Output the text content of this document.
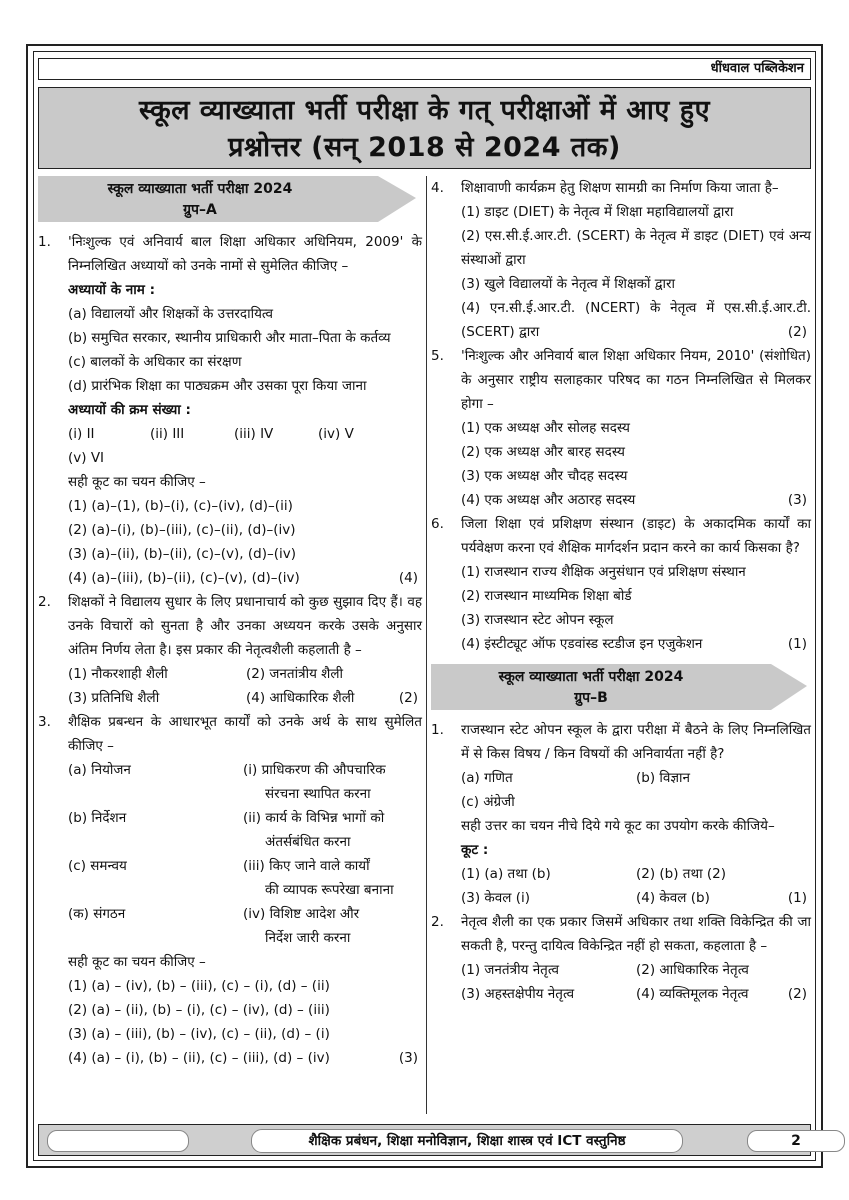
धींधवाल पब्लिकेशन
स्कूल व्याख्याता भर्ती परीक्षा के गत् परीक्षाओं में आए हुए
प्रश्नोत्तर (सन् 2018 से 2024 तक)
स्कूल व्याख्याता भर्ती परीक्षा 2024
ग्रुप–A
1.	'निःशुल्क एवं अनिवार्य बाल शिक्षा अधिकार अधिनियम, 2009' के निम्नलिखित अध्यायों को उनके नामों से सुमेलित कीजिए –
अध्यायों के नाम :
(a) विद्यालयों और शिक्षकों के उत्तरदायित्व
(b) समुचित सरकार, स्थानीय प्राधिकारी और माता–पिता के कर्तव्य
(c) बालकों के अधिकार का संरक्षण
(d) प्रारंभिक शिक्षा का पाठ्यक्रम और उसका पूरा किया जाना
अध्यायों की क्रम संख्या :
(i) II	(ii) III	(iii) IV	(iv) V
(v) VI
सही कूट का चयन कीजिए –
(1) (a)–(1), (b)–(i), (c)–(iv), (d)–(ii)
(2) (a)–(i), (b)–(iii), (c)–(ii), (d)–(iv)
(3) (a)–(ii), (b)–(ii), (c)–(v), (d)–(iv)
(4) (a)–(iii), (b)–(ii), (c)–(v), (d)–(iv)	(4)
2.	शिक्षकों ने विद्यालय सुधार के लिए प्रधानाचार्य को कुछ सुझाव दिए हैं। वह उनके विचारों को सुनता है और उनका अध्ययन करके उसके अनुसार अंतिम निर्णय लेता है। इस प्रकार की नेतृत्वशैली कहलाती है –
(1) नौकरशाही शैली	(2) जनतांत्रीय शैली
(3) प्रतिनिधि शैली	(4) आधिकारिक शैली	(2)
3.	शैक्षिक प्रबन्धन के आधारभूत कार्यों को उनके अर्थ के साथ सुमेलित कीजिए –
(a) नियोजन	(i) प्राधिकरण की औपचारिक
संरचना स्थापित करना
(b) निर्देशन	(ii) कार्य के विभिन्न भागों को
अंतर्सबंधित करना
(c) समन्वय	(iii) किए जाने वाले कार्यों
की व्यापक रूपरेखा बनाना
(क) संगठन	(iv) विशिष्ट आदेश और
निर्देश जारी करना
सही कूट का चयन कीजिए –
(1) (a) – (iv), (b) – (iii), (c) – (i), (d) – (ii)
(2) (a) – (ii), (b) – (i), (c) – (iv), (d) – (iii)
(3) (a) – (iii), (b) – (iv), (c) – (ii), (d) – (i)
(4) (a) – (i), (b) – (ii), (c) – (iii), (d) – (iv)	(3)
4.	शिक्षावाणी कार्यक्रम हेतु शिक्षण सामग्री का निर्माण किया जाता है–
(1) डाइट (DIET) के नेतृत्व में शिक्षा महाविद्यालयों द्वारा
(2) एस.सी.ई.आर.टी. (SCERT) के नेतृत्व में डाइट (DIET) एवं अन्य संस्थाओं द्वारा
(3) खुले विद्यालयों के नेतृत्व में शिक्षकों द्वारा
(4) एन.सी.ई.आर.टी. (NCERT) के नेतृत्व में एस.सी.ई.आर.टी. (SCERT) द्वारा	(2)
5.	'निःशुल्क और अनिवार्य बाल शिक्षा अधिकार नियम, 2010' (संशोधित) के अनुसार राष्ट्रीय सलाहकार परिषद का गठन निम्नलिखित से मिलकर होगा –
(1) एक अध्यक्ष और सोलह सदस्य
(2) एक अध्यक्ष और बारह सदस्य
(3) एक अध्यक्ष और चौदह सदस्य
(4) एक अध्यक्ष और अठारह सदस्य	(3)
6.	जिला शिक्षा एवं प्रशिक्षण संस्थान (डाइट) के अकादमिक कार्यों का पर्यवेक्षण करना एवं शैक्षिक मार्गदर्शन प्रदान करने का कार्य किसका है?
(1) राजस्थान राज्य शैक्षिक अनुसंधान एवं प्रशिक्षण संस्थान
(2) राजस्थान माध्यमिक शिक्षा बोर्ड
(3) राजस्थान स्टेट ओपन स्कूल
(4) इंस्टीट्यूट ऑफ एडवांस्ड स्टडीज इन एजुकेशन	(1)
स्कूल व्याख्याता भर्ती परीक्षा 2024
ग्रुप–B
1.	राजस्थान स्टेट ओपन स्कूल के द्वारा परीक्षा में बैठने के लिए निम्नलिखित में से किस विषय / किन विषयों की अनिवार्यता नहीं है?
(a) गणित	(b) विज्ञान
(c) अंग्रेजी
सही उत्तर का चयन नीचे दिये गये कूट का उपयोग करके कीजिये–
कूट :
(1) (a) तथा (b)	(2) (b) तथा (2)
(3) केवल (i)	(4) केवल (b)	(1)
2.	नेतृत्व शैली का एक प्रकार जिसमें अधिकार तथा शक्ति विकेन्द्रित की जा सकती है, परन्तु दायित्व विकेन्द्रित नहीं हो सकता, कहलाता है –
(1) जनतंत्रीय नेतृत्व	(2) आधिकारिक नेतृत्व
(3) अहस्तक्षेपीय नेतृत्व	(4) व्यक्तिमूलक नेतृत्व	(2)
शैक्षिक प्रबंधन, शिक्षा मनोविज्ञान, शिक्षा शास्त्र एवं ICT वस्तुनिष्ठ	2
